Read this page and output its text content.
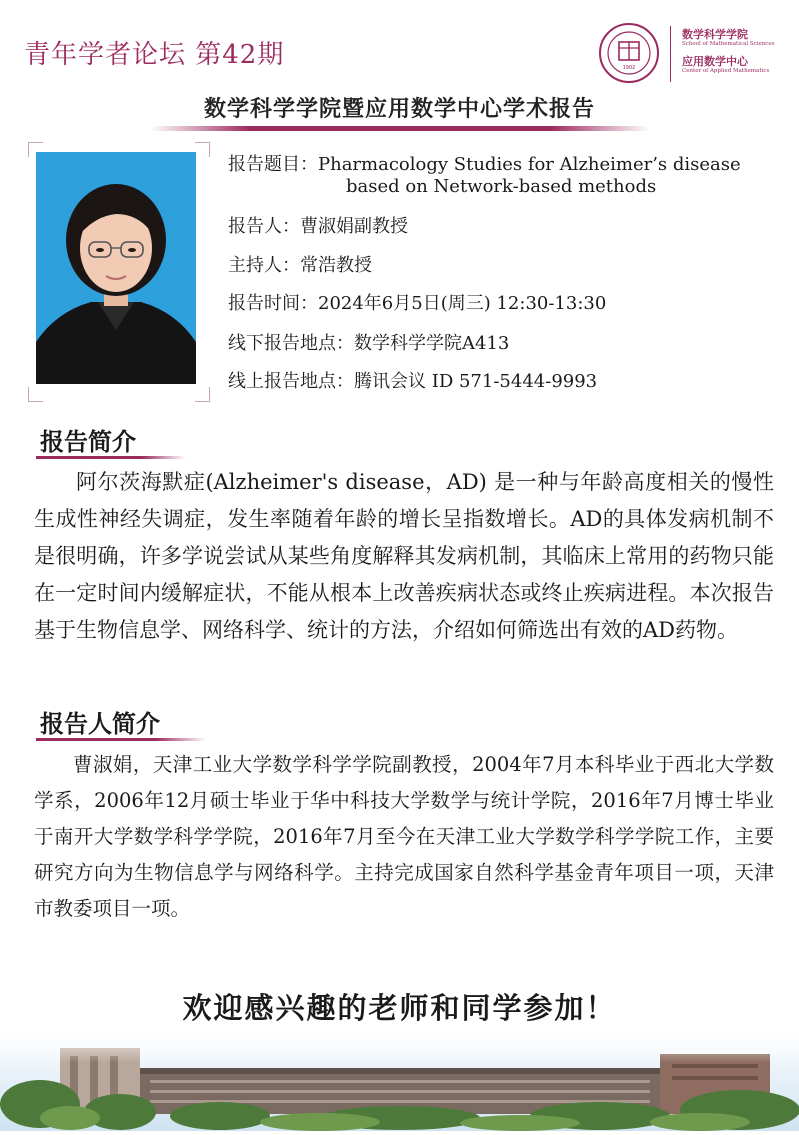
青年学者论坛 第42期	1902
数学科学学院
School of Mathematical Sciences
应用数学中心
Center of Applied Mathematics
数学科学学院暨应用数学中心学术报告
报告题目：Pharmacology Studies for Alzheimer’s disease
based on Network-based methods
报告人：曹淑娟副教授
主持人：常浩教授
报告时间：2024年6月5日(周三) 12:30-13:30
线下报告地点：数学科学学院A413
线上报告地点：腾讯会议 ID 571-5444-9993
报告简介
阿尔茨海默症(Alzheimer's disease，AD) 是一种与年龄高度相关的慢性生成性神经失调症，发生率随着年龄的增长呈指数增长。AD的具体发病机制不是很明确，许多学说尝试从某些角度解释其发病机制，其临床上常用的药物只能在一定时间内缓解症状，不能从根本上改善疾病状态或终止疾病进程。本次报告基于生物信息学、网络科学、统计的方法，介绍如何筛选出有效的AD药物。
报告人简介
曹淑娟，天津工业大学数学科学学院副教授，2004年7月本科毕业于西北大学数学系，2006年12月硕士毕业于华中科技大学数学与统计学院，2016年7月博士毕业于南开大学数学科学学院，2016年7月至今在天津工业大学数学科学学院工作，主要研究方向为生物信息学与网络科学。主持完成国家自然科学基金青年项目一项，天津市教委项目一项。
欢迎感兴趣的老师和同学参加！
